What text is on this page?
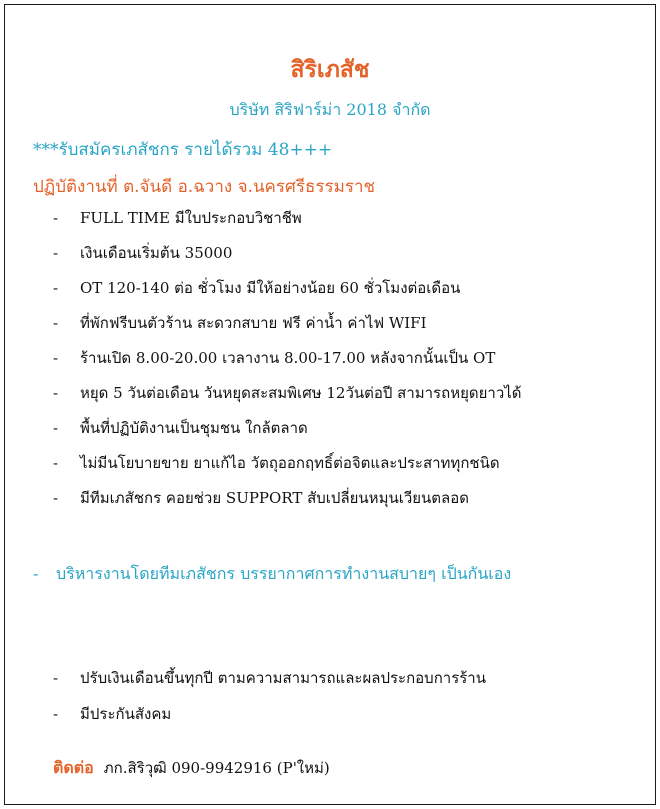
สิริเภสัช
บริษัท สิริฟาร์ม่า 2018 จำกัด
***รับสมัครเภสัชกร รายได้รวม 48+++
ปฏิบัติงานที่ ต.จันดี อ.ฉวาง จ.นครศรีธรรมราช
- FULL TIME มีใบประกอบวิชาชีพ
- เงินเดือนเริ่มต้น 35000
- OT 120-140 ต่อ ชั่วโมง มีให้อย่างน้อย 60 ชั่วโมงต่อเดือน
- ที่พักฟรีบนตัวร้าน สะดวกสบาย ฟรี ค่าน้ำ ค่าไฟ WIFI
- ร้านเปิด 8.00-20.00 เวลางาน 8.00-17.00 หลังจากนั้นเป็น OT
- หยุด 5 วันต่อเดือน วันหยุดสะสมพิเศษ 12วันต่อปี สามารถหยุดยาวได้
- พื้นที่ปฏิบัติงานเป็นชุมชน ใกล้ตลาด
- ไม่มีนโยบายขาย ยาแก้ไอ วัตถุออกฤทธิ์ต่อจิตและประสาททุกชนิด
- มีทีมเภสัชกร คอยช่วย SUPPORT สับเปลี่ยนหมุนเวียนตลอด
- บริหารงานโดยทีมเภสัชกร บรรยากาศการทำงานสบายๆ เป็นกันเอง
- ปรับเงินเดือนขึ้นทุกปี ตามความสามารถและผลประกอบการร้าน
- มีประกันสังคม
ติดต่อ ภก.สิริวุฒิ 090-9942916 (P'ใหม่)
